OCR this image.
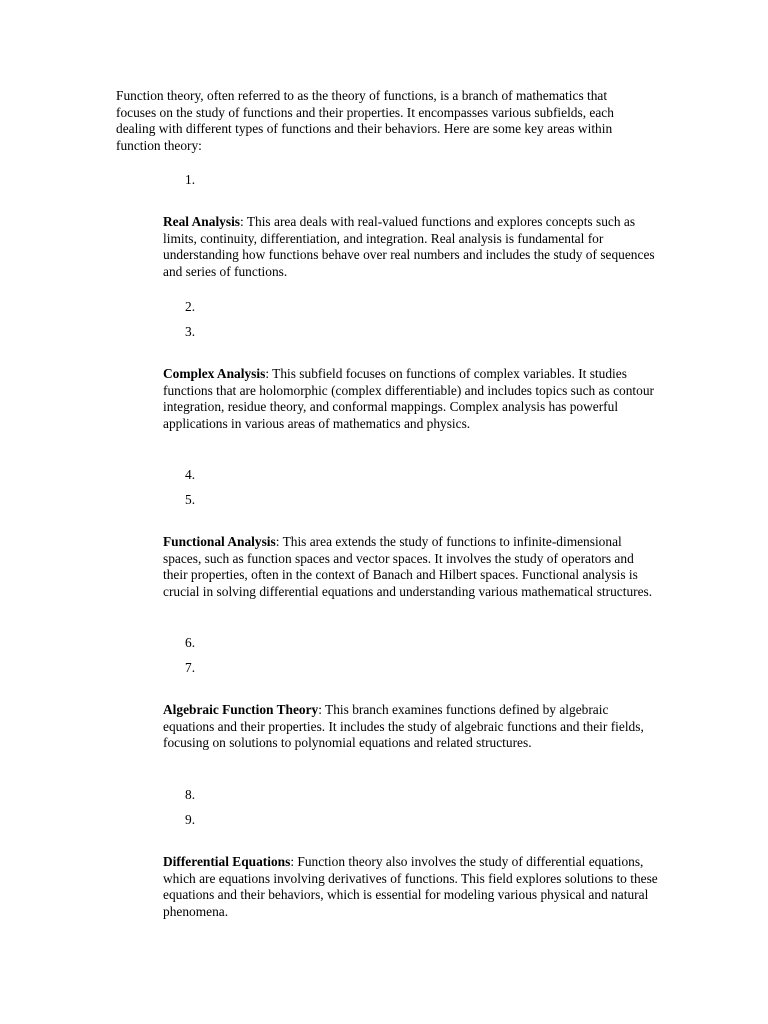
Function theory, often referred to as the theory of functions, is a branch of mathematics that focuses on the study of functions and their properties. It encompasses various subfields, each dealing with different types of functions and their behaviors. Here are some key areas within function theory:

1.

Real Analysis: This area deals with real-valued functions and explores concepts such as limits, continuity, differentiation, and integration. Real analysis is fundamental for understanding how functions behave over real numbers and includes the study of sequences and series of functions.

2.

3.

Complex Analysis: This subfield focuses on functions of complex variables. It studies functions that are holomorphic (complex differentiable) and includes topics such as contour integration, residue theory, and conformal mappings. Complex analysis has powerful applications in various areas of mathematics and physics.

4.

5.

Functional Analysis: This area extends the study of functions to infinite-dimensional spaces, such as function spaces and vector spaces. It involves the study of operators and their properties, often in the context of Banach and Hilbert spaces. Functional analysis is crucial in solving differential equations and understanding various mathematical structures.

6.

7.

Algebraic Function Theory: This branch examines functions defined by algebraic equations and their properties. It includes the study of algebraic functions and their fields, focusing on solutions to polynomial equations and related structures.

8.

9.

Differential Equations: Function theory also involves the study of differential equations, which are equations involving derivatives of functions. This field explores solutions to these equations and their behaviors, which is essential for modeling various physical and natural phenomena.
